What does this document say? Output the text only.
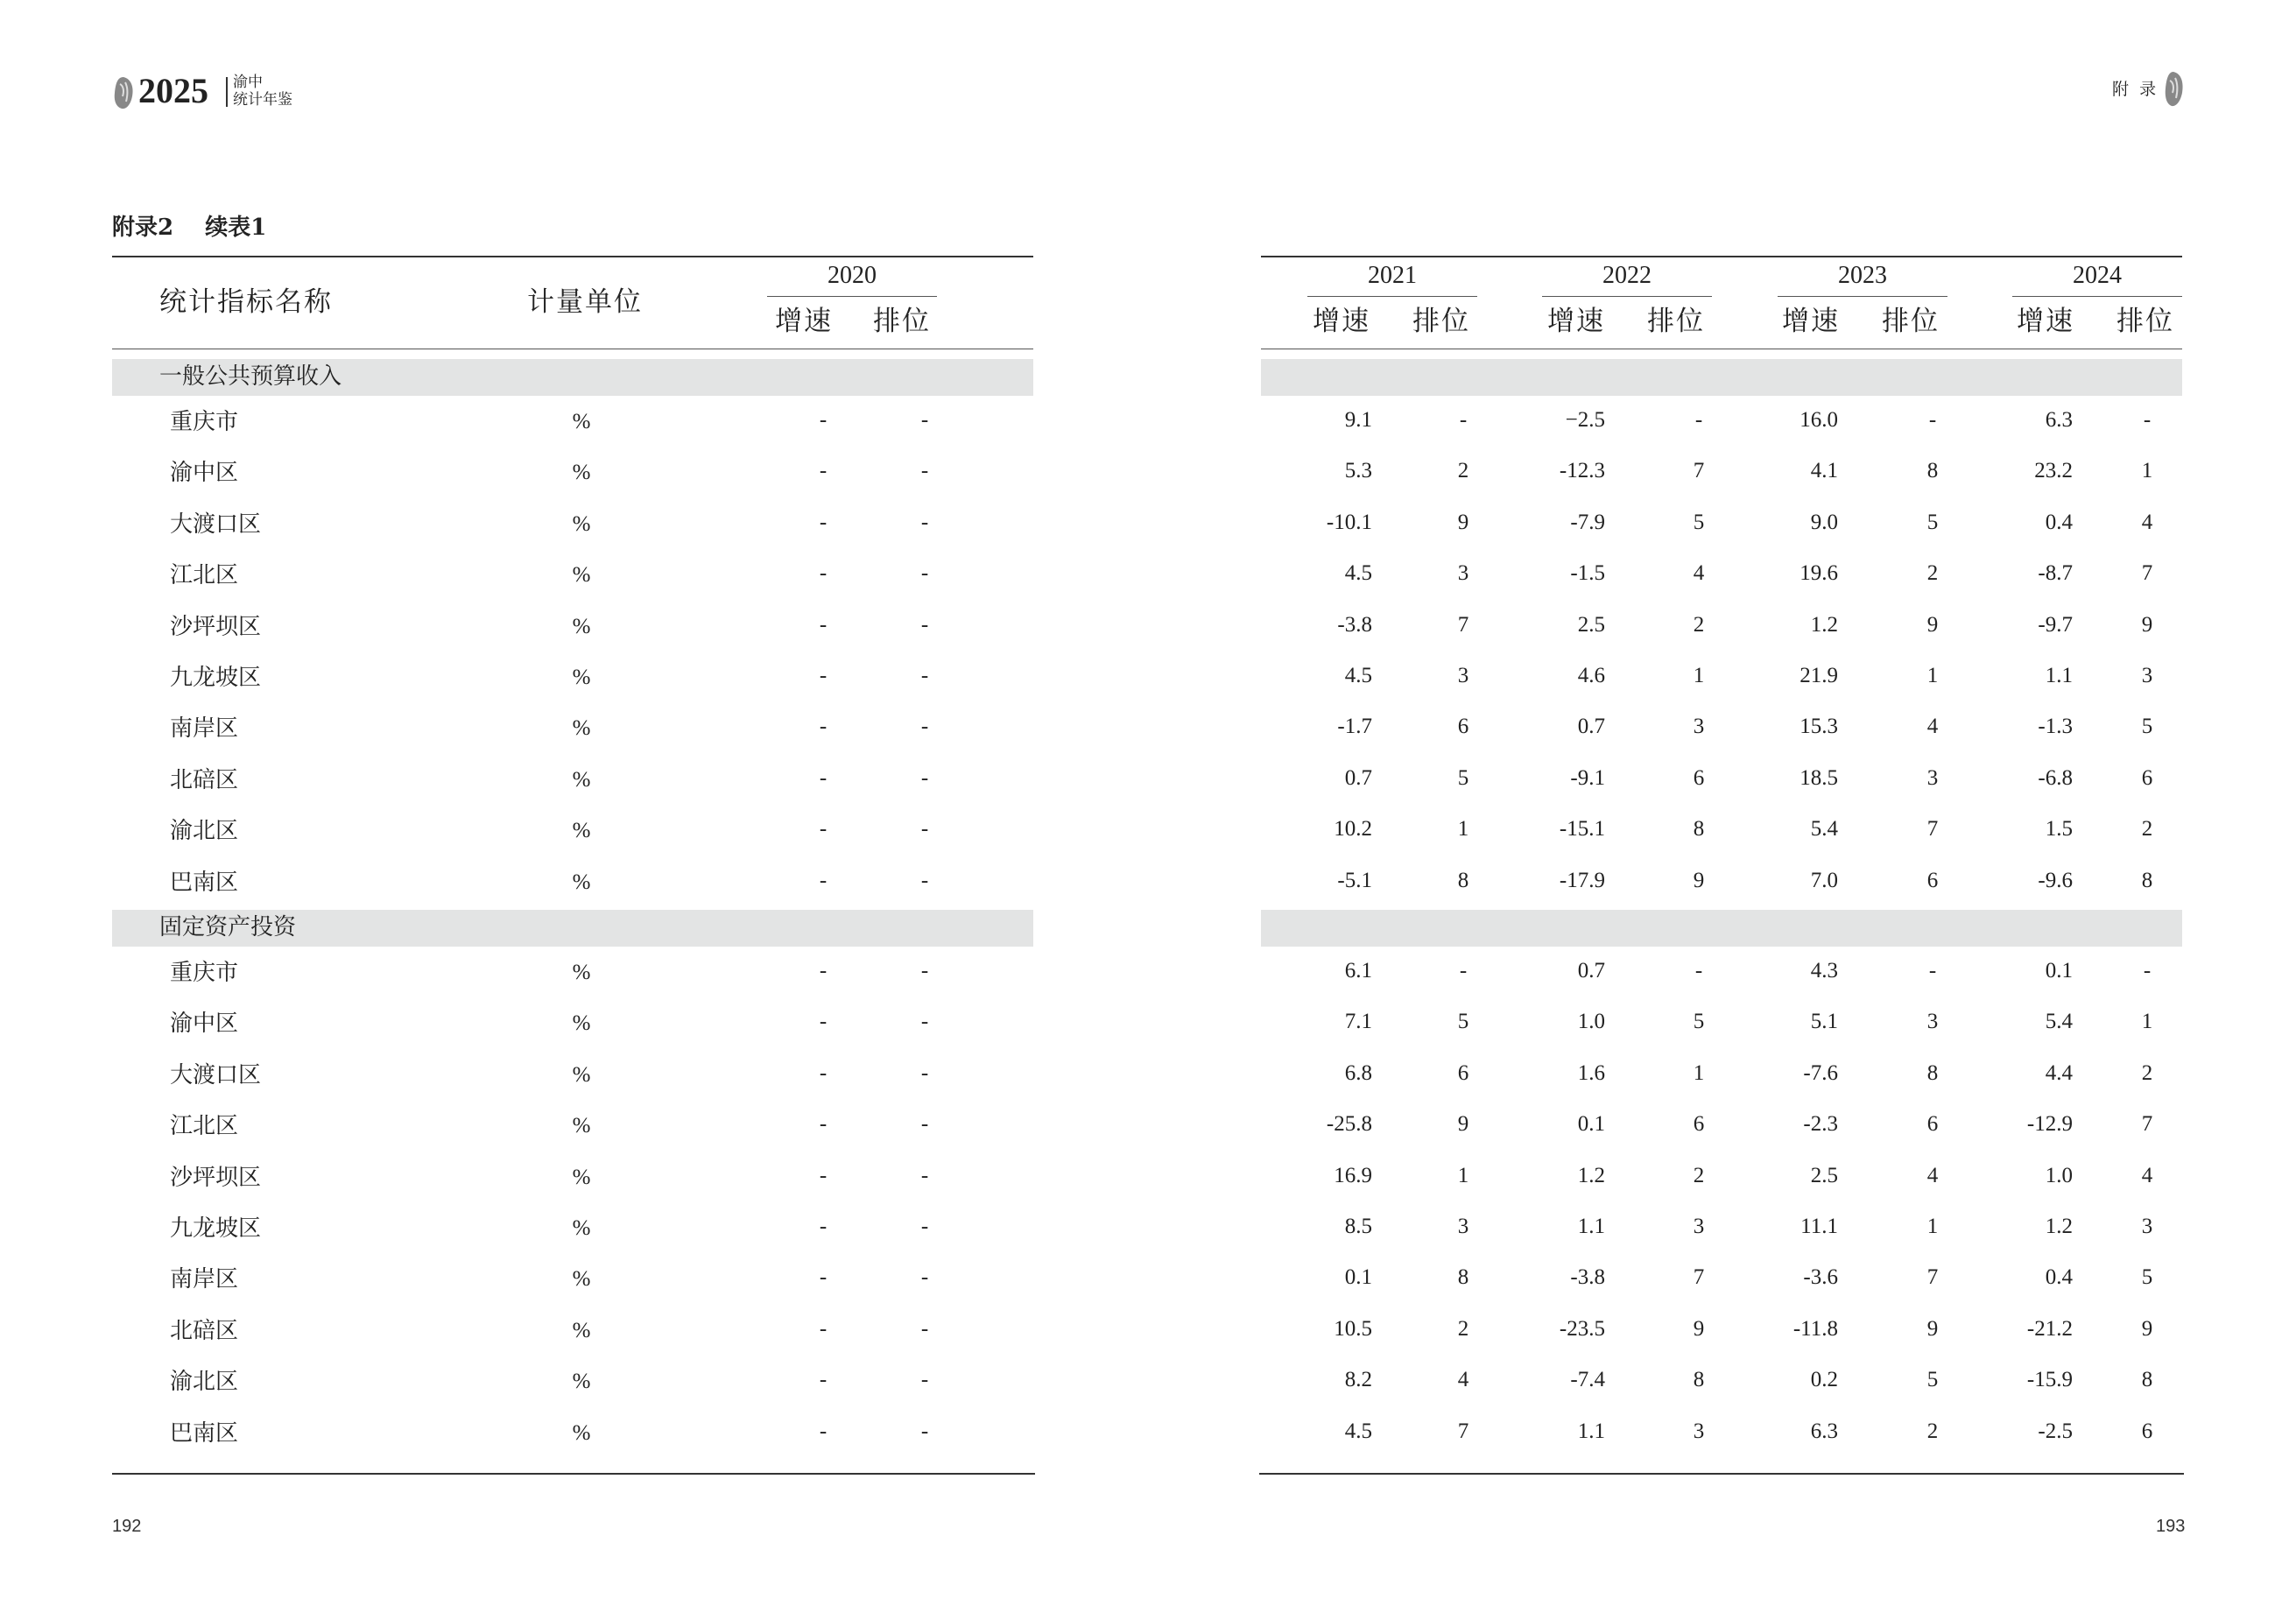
2025 渝中
统计年鉴
附  录
附录2    续表1
统计指标名称	计量单位
2020
增速 排位
2021
增速 排位
2022
增速 排位
2023
增速 排位
2024
增速 排位
一般公共预算收入
重庆市	%	-	-	9.1	-	−2.5	-	16.0	-	6.3	-
渝中区	%	-	-	5.3	2	-12.3	7	4.1	8	23.2	1
大渡口区	%	-	-	-10.1	9	-7.9	5	9.0	5	0.4	4
江北区	%	-	-	4.5	3	-1.5	4	19.6	2	-8.7	7
沙坪坝区	%	-	-	-3.8	7	2.5	2	1.2	9	-9.7	9
九龙坡区	%	-	-	4.5	3	4.6	1	21.9	1	1.1	3
南岸区	%	-	-	-1.7	6	0.7	3	15.3	4	-1.3	5
北碚区	%	-	-	0.7	5	-9.1	6	18.5	3	-6.8	6
渝北区	%	-	-	10.2	1	-15.1	8	5.4	7	1.5	2
巴南区	%	-	-	-5.1	8	-17.9	9	7.0	6	-9.6	8
固定资产投资
重庆市	%	-	-	6.1	-	0.7	-	4.3	-	0.1	-
渝中区	%	-	-	7.1	5	1.0	5	5.1	3	5.4	1
大渡口区	%	-	-	6.8	6	1.6	1	-7.6	8	4.4	2
江北区	%	-	-	-25.8	9	0.1	6	-2.3	6	-12.9	7
沙坪坝区	%	-	-	16.9	1	1.2	2	2.5	4	1.0	4
九龙坡区	%	-	-	8.5	3	1.1	3	11.1	1	1.2	3
南岸区	%	-	-	0.1	8	-3.8	7	-3.6	7	0.4	5
北碚区	%	-	-	10.5	2	-23.5	9	-11.8	9	-21.2	9
渝北区	%	-	-	8.2	4	-7.4	8	0.2	5	-15.9	8
巴南区	%	-	-	4.5	7	1.1	3	6.3	2	-2.5	6
192	193
